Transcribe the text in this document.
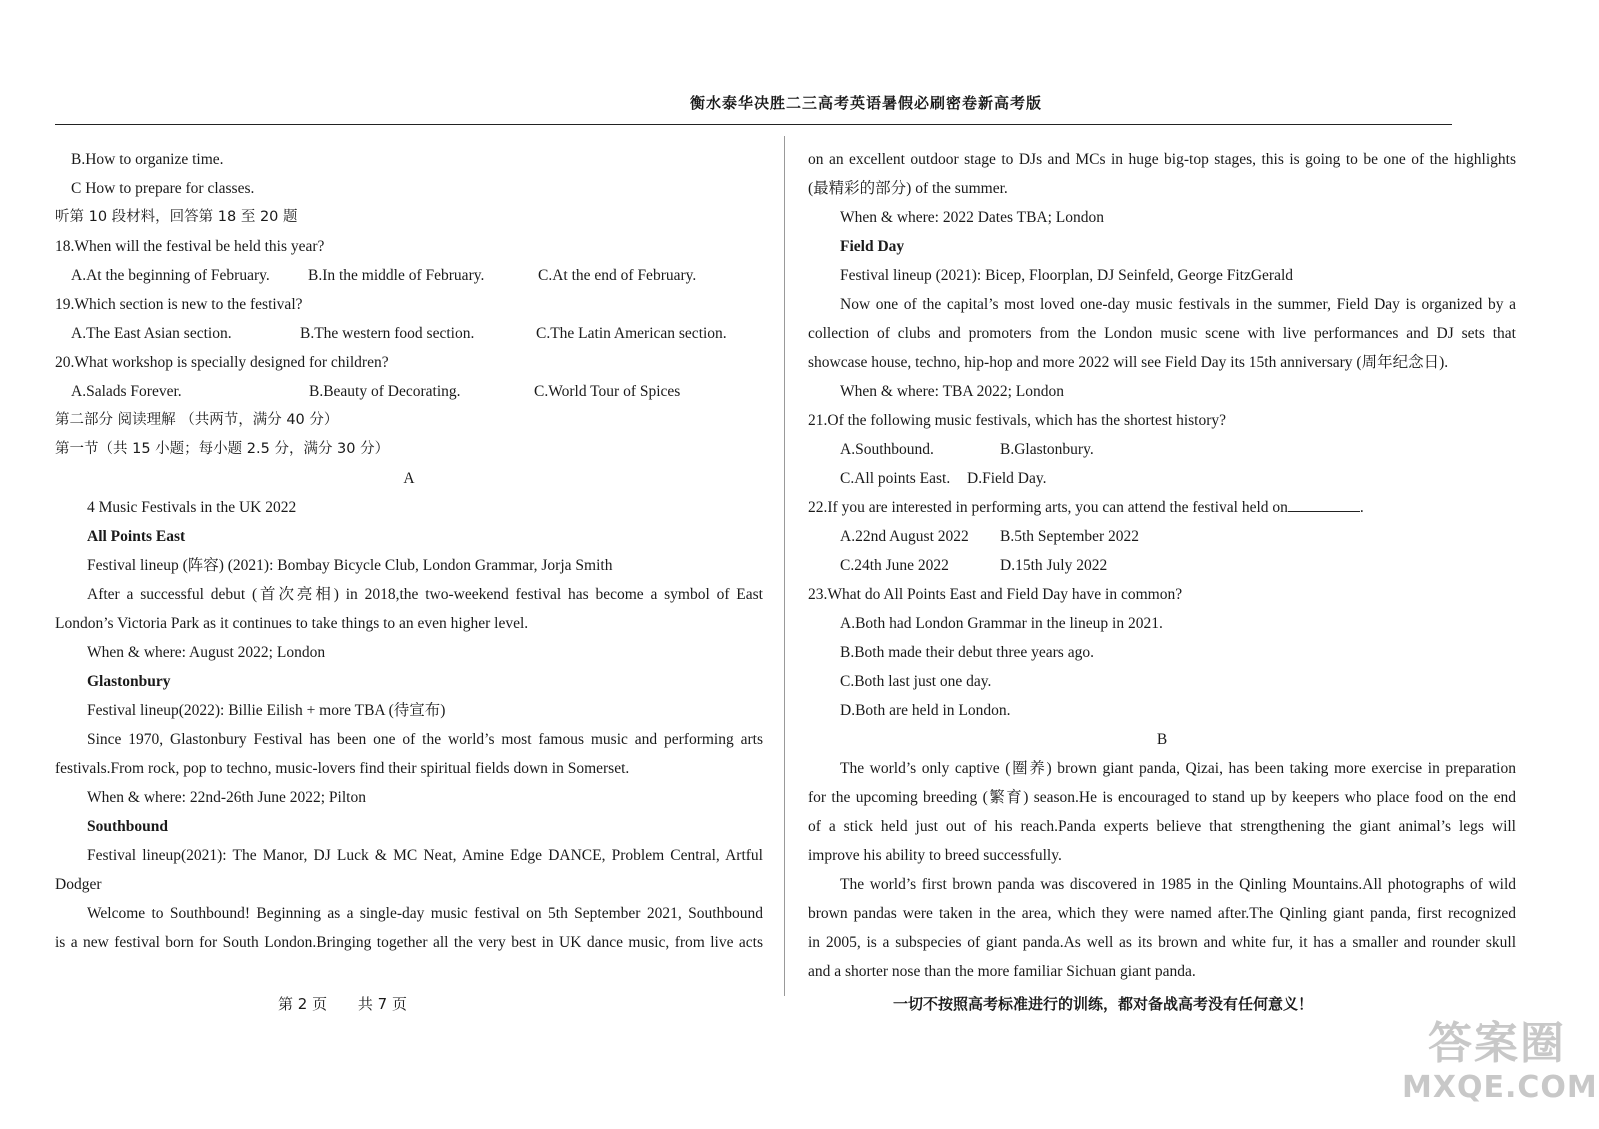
衡水泰华决胜二三高考英语暑假必刷密卷新高考版
B.How to organize time.
C How to prepare for classes.
听第 10 段材料，回答第 18 至 20 题
18.When will the festival be held this year?
A.At the beginning of February.	B.In the middle of February.	C.At the end of February.
19.Which section is new to the festival?
A.The East Asian section.	B.The western food section.	C.The Latin American section.
20.What workshop is specially designed for children?
A.Salads Forever.	B.Beauty of Decorating.	C.World Tour of Spices
第二部分 阅读理解 （共两节，满分 40 分）
第一节（共 15 小题；每小题 2.5 分，满分 30 分）
A
4 Music Festivals in the UK 2022
All Points East
Festival lineup (阵容) (2021): Bombay Bicycle Club, London Grammar, Jorja Smith
After a successful debut (首次亮相) in 2018,the two-weekend festival has become a symbol of East
London’s Victoria Park as it continues to take things to an even higher level.
When & where: August 2022; London
Glastonbury
Festival lineup(2022): Billie Eilish + more TBA (待宣布)
Since 1970, Glastonbury Festival has been one of the world’s most famous music and performing arts
festivals.From rock, pop to techno, music-lovers find their spiritual fields down in Somerset.
When & where: 22nd-26th June 2022; Pilton
Southbound
Festival lineup(2021): The Manor, DJ Luck & MC Neat, Amine Edge DANCE, Problem Central, Artful
Dodger
Welcome to Southbound! Beginning as a single-day music festival on 5th September 2021, Southbound
is a new festival born for South London.Bringing together all the very best in UK dance music, from live acts
on an excellent outdoor stage to DJs and MCs in huge big-top stages, this is going to be one of the highlights
(最精彩的部分) of the summer.
When & where: 2022 Dates TBA; London
Field Day
Festival lineup (2021): Bicep, Floorplan, DJ Seinfeld, George FitzGerald
Now one of the capital’s most loved one-day music festivals in the summer, Field Day is organized by a
collection of clubs and promoters from the London music scene with live performances and DJ sets that
showcase house, techno, hip-hop and more 2022 will see Field Day its 15th anniversary (周年纪念日).
When & where: TBA 2022; London
21.Of the following music festivals, which has the shortest history?
A.Southbound.	B.Glastonbury.
C.All points East.	D.Field Day.
22.If you are interested in performing arts, you can attend the festival held on	.
A.22nd August 2022	B.5th September 2022
C.24th June 2022	D.15th July 2022
23.What do All Points East and Field Day have in common?
A.Both had London Grammar in the lineup in 2021.
B.Both made their debut three years ago.
C.Both last just one day.
D.Both are held in London.
B
The world’s only captive (圈养) brown giant panda, Qizai, has been taking more exercise in preparation
for the upcoming breeding (繁育) season.He is encouraged to stand up by keepers who place food on the end
of a stick held just out of his reach.Panda experts believe that strengthening the giant animal’s legs will
improve his ability to breed successfully.
The world’s first brown panda was discovered in 1985 in the Qinling Mountains.All photographs of wild
brown pandas were taken in the area, which they were named after.The Qinling giant panda, first recognized
in 2005, is a subspecies of giant panda.As well as its brown and white fur, it has a smaller and rounder skull
and a shorter nose than the more familiar Sichuan giant panda.
第 2 页 共 7 页	一切不按照高考标准进行的训练，都对备战高考没有任何意义！
答案圈
MXQE.COM
